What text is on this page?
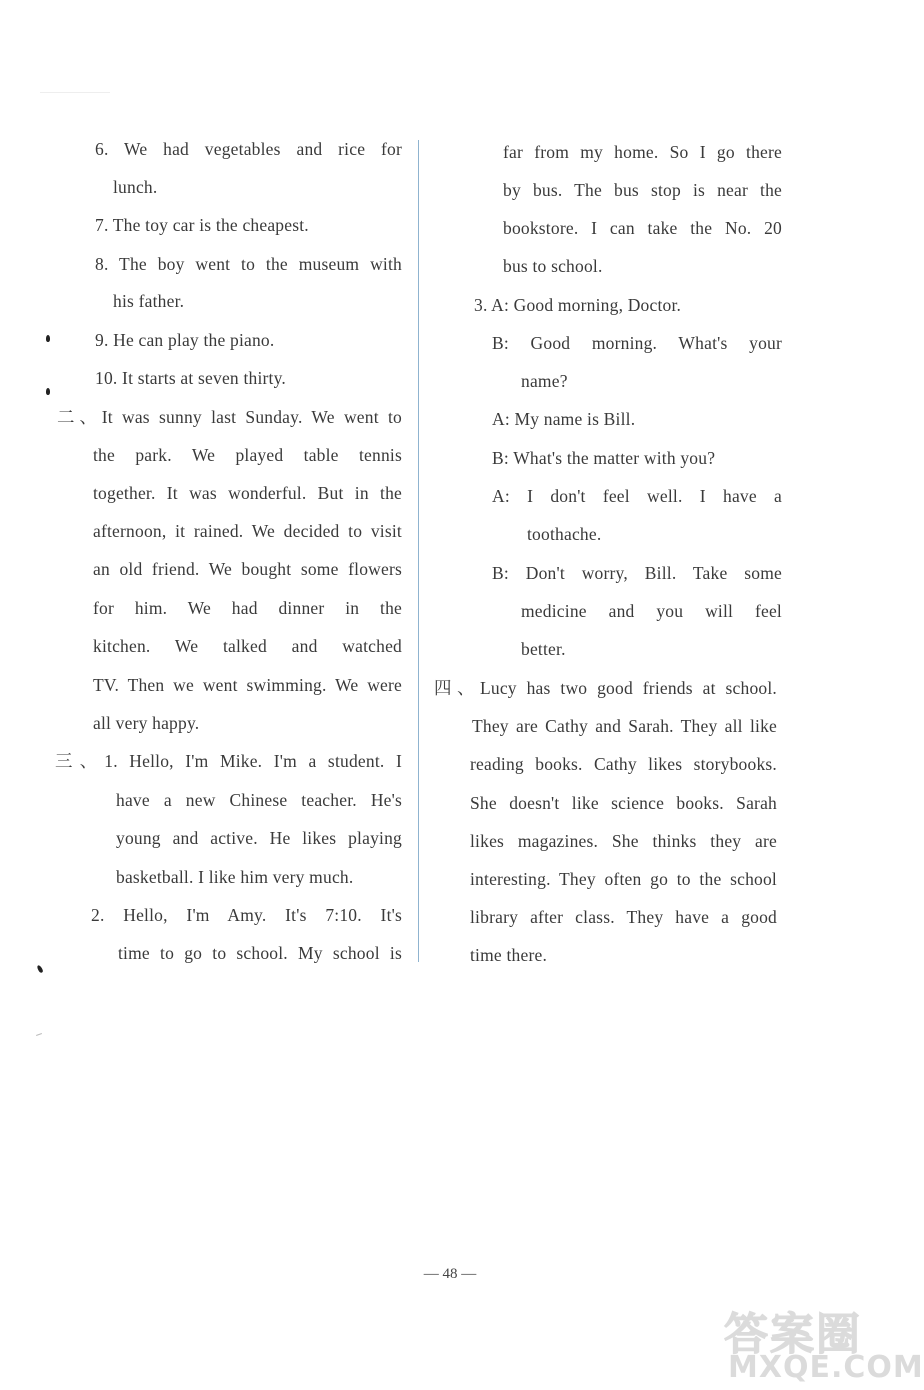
6. We had vegetables and rice for
lunch.
7. The toy car is the cheapest.
8. The boy went to the museum with
his father.
9. He can play the piano.
10. It starts at seven thirty.
二、It was sunny last Sunday. We went to
the park. We played table tennis
together. It was wonderful. But in the
afternoon, it rained. We decided to visit
an old friend. We bought some flowers
for him. We had dinner in the
kitchen. We talked and watched
TV. Then we went swimming. We were
all very happy.
三、1. Hello, I'm Mike. I'm a student. I
have a new Chinese teacher. He's
young and active. He likes playing
basketball. I like him very much.
2. Hello, I'm Amy. It's 7:10. It's
time to go to school. My school is
far from my home. So I go there
by bus. The bus stop is near the
bookstore. I can take the No. 20
bus to school.
3. A: Good morning, Doctor.
B: Good morning. What's your
name?
A: My name is Bill.
B: What's the matter with you?
A: I don't feel well. I have a
toothache.
B: Don't worry, Bill. Take some
medicine and you will feel
better.
四、Lucy has two good friends at school.
They are Cathy and Sarah. They all like
reading books. Cathy likes storybooks.
She doesn't like science books. Sarah
likes magazines. She thinks they are
interesting. They often go to the school
library after class. They have a good
time there.
— 48 —
答案圈
MXQE.COM
